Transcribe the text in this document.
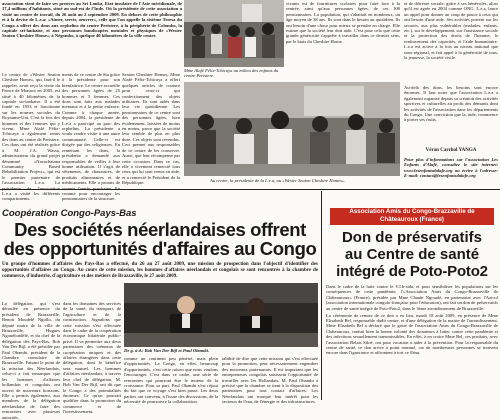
association vient de faire ses preuves au Sri Lanka, Etat insulaire de l'Asie méridionale, de 17,4 millions d'habitants, situé au sud-est de l'Inde. Où la présidente de cette association a visité un centre de travail, du 26 août au 2 septembre 2009. En dehors de cette philosophie et à la devise de L.e.a: «Aimer, servir, oeuvrer», celle que l'on appelle la sixième Teresa du Congo a offert des dons aux orphelins du centre Peristere, à la périphérie de Colombo, la capitale sri-lankaise, et aux personnes handicapées mentales et physiques de «Wester Seaton Cheshire Home», à Négombo, à quelque 40 kilomètres de la ville centre.
Le centre de «Wester Seaton Cheshire Home», qui, faut-il le rappeler, avait reçu la visite du Prince de Monaco en 2005, est situé à 40 kilomètres de la capitale sri-lankaise. Il a été fondé en 1953 et fonctionne sur les normes sociales du Royaume-Uni. C'est la fois des hommes et des femmes qui y vivent. Mme Alafé Félix-Tchicaya a également remis des dons au centre de Peristere. Ces dons ont été réalisés grâce à M. J.A. Wassa, administrateur du grand projet dénommé «Navachatana Community Based Rehabilitation Project», qui est le premier partenaire de l'association L.e.a. La L.e.a a visité les différents compartiments.
ments de ce centre de Sta grâce à la présidente pour son bienfaitrice. Le centre accueille des personnes âgées de 25 hommes et 5 femmes. Ces dons sont faits aux malades mentaux et à la petite enfance. Comme à chaque année, depuis 2004, la présidente de L.e.a a participé au parc des orphelins. La présidente a voulu rendre visite à une autre communauté. Celle-ci est dirigée par des religieuses. En remettant les dons, la présidente a demandé aux responsables de veiller à leur bonne utilisation. Il s'agit de vêtements, de chaussures, de produits alimentaires et de médicaments. Elle a promis de comme pour encourager les pensionnaires de la structure.
Seaton Cheshire Homes, Mme Alafé Félix-Tchicaya a offert quelques articles de couture pour ceux-ci qui confectionnent des objets utilitaires. Ils sont aidés dans leur vie quotidienne. Les pensionnaires de ce centre sont des personnes âgées, bien évidemment, laissées de moins en moins, parce que la société leur semble de plus en plus dure. Ces objets sont revendus. Ceci permet aux responsables de ce centre de les conserver. Aussi, que leur récompense par cette occasion. Dans ce cas, elle a vivement remercié tous ceux qui lui sont venus en aide, et a remercié le Président de la République.
Mme Alafé Félix-Tchicaya au milieu des enfants du centre Peristere.
vivants est de fournitures scolaires pour faire face à la rentrée, ainsi qu'aux personnes âgées, de ces 100 pensionnaires. La population, qui s'abattait en nombreux, un âge moyen de 38 ans. Ils sont dans le besoin au quotidien. Ils ont besoin d'une chose pour mieux se prendre en charge. Elle estime que la société leur doit aide. C'est pour cela que cette grande générosité s'apprête à travailler dans ce dernier sens, par le biais du Cheshire Home.
Au centre, la présidente de la L.e.a, au «Wester Seaton Cheshire Homes».
et de détresse sociale, grâce à ses bénévoles, alors qu'il est agrée en 2004 comme ONG. L.e.a, lance un appel pour donner un coup de pouce à ceux qui ont besoin d'une aide. Ses activités portent sur les secours, aux plus vulnérables (malades, enfants, etc.), sur le développement, sur l'assistance sociale et la protection des droits de l'homme, le renforcement des capacités, et l'aide humanitaire. L.e.a est active à la fois au niveau national que sous-régional, et fait appel à la générosité de tous, la jeunesse, la société civile.
Au-delà des dons, les besoins sont encore énormes. Il faut noter que l'association L.e.a a également organisé depuis sa création des activités sportives et culturelles au profit des démunis dont les activités de l'association dans les départements du Congo. Une conviction que la, aide, commence à porter ses fruits.
Véran Carrhol YANGA
Pour plus d'informations sur l'association Les Enfants d'Alafé, consultez le site internet: www.lesenfantsdalafe.org ou écrire à l'adresse: E-mail: contact@lesenfantsdalafe.org
Coopération Congo-Pays-Bas
Des sociétés néerlandaises offrent
des opportunités d'affaires au Congo
Un groupe d'hommes d'affaires des Pays-Bas a effectué, du 26 au 27 août 2009, une mission de prospection dans l'objectif d'identifier des opportunités d'affaires au Congo. Au cours de cette mission, les hommes d'affaires néerlandais et congolais se sont rencontrés à la chambre de commerce, d'industrie, d'agriculture et des métiers de Brazzaville, le 27 août 2009.
La délégation, qui s'est déroulée en présence du président de Brazzaville, Benoit Moudelé Ngollo, du député maire de la ville de Brazzaville, Hugues Ngouélondélé, et du chef de la délégation des Pays-Bas, Bob Van Der Bijl, a été présidée par Paul Obambi, président de la Chambre consulaire de Brazzaville. Faisant le point de la mission des Néerlandais, celui-ci a fait remarquer que les hommes d'affaires hollandais et congolais ont ouvert de nouveaux horizons. Elle a permis également, aux membres de la délégation néerlandaise de faire des rencontres avec plusieurs autorités.
dans les domaines des services de la santé, du transport, de l'agriculture et de la construction. Signalons que cette mission s'est effectuée dans le cadre de la coopération économique bilatérale public-privé. Il va permettre aux deux partenaires des créneaux de coopération uniques et des affaires étrangères dans cette délégation, dont le bénéfice sera mutuel. Les hommes d'affaires néerlandais, à travers leur chef de délégation, M. Bob Van Der Bijl, ont dit que le Congo a des potentialités énormes. Ce qu'on pourrait qualifier dans la promotion du commerce et de l'investissement.
De g. à d.: Bob Van Der Bijl et Paul Obambi.
comme un continent peu pénétré, mais plein d'opportunités. La Congo, en effet, beaucoup d'opportunités, c'est cette raison que nous voulons l'encourager. C'est dans ce cadre, une série de rencontres qui pourront être le moteur de la croissance. Pour sa part, Paul Obambi s'est réjoui du fait que ce voyage s'est bien passé. Les deux parties ont convenu, à l'issue des discussions, de la nécessité de poursuivre la collaboration.
tabilité de dire que cette mission qui s'est effectuée pour la promotion, peut nécessairement engendrer des nouveaux partenariats. Il est important que les entrepreneurs congolais saisissent l'opportunité de travailler avec les Hollandais. M. Paul Obambi a précisé que la chambre se tient à la disposition des partenaires pour tout contact d'affaires. Les Néerlandais ont marqué leur intérêt pour les secteurs de l'eau, de l'énergie et des infrastructures.
Association Amis du Congo-Brazzaville de Châteauroux (France)
Don de préservatifs
au Centre de santé
intégré de Poto-Poto2

Dans le cadre de la lutte contre le V.I.h-sida, et pour sensibiliser les populations sur les conséquences de cette pandémie, l'«Association Amis du Congo-Brazzaville de Châteauroux» (France), présidée par Mme Claude Ngoualé, en partenariat avec l'Azicol (association internationale congolo-française pour l'éducation), ont fait un don de préservatifs au centre de santé intégré de Poto-Poto2, dans le 3ème arrondissement de Brazzaville.

La cérémonie de remise de ce don a eu lieu, mardi 18 août 2009, en présence de Mme Elisabeth Bel, responsable dudit centre, et d'une délégation de la mairie de l'arrondissement. Mme Elisabeth Bel a déclaré que le geste de l'association Amis du Congo-Brazzaville de Châteauroux, traduit bien la bonne volonté des donateurs à lutter contre cette pandémie et des infections sexuellement transmissibles. En effet, à en croire Mme Bel, ces produits, avec l'association Relais Siloé, ont pour vocation à aider à la prévention. Pour la responsable du centre de santé, ce don arrive à point nommé, car de nombreuses personnes se trouvent encore dans l'ignorance et affrontent à tort ce fléau.
